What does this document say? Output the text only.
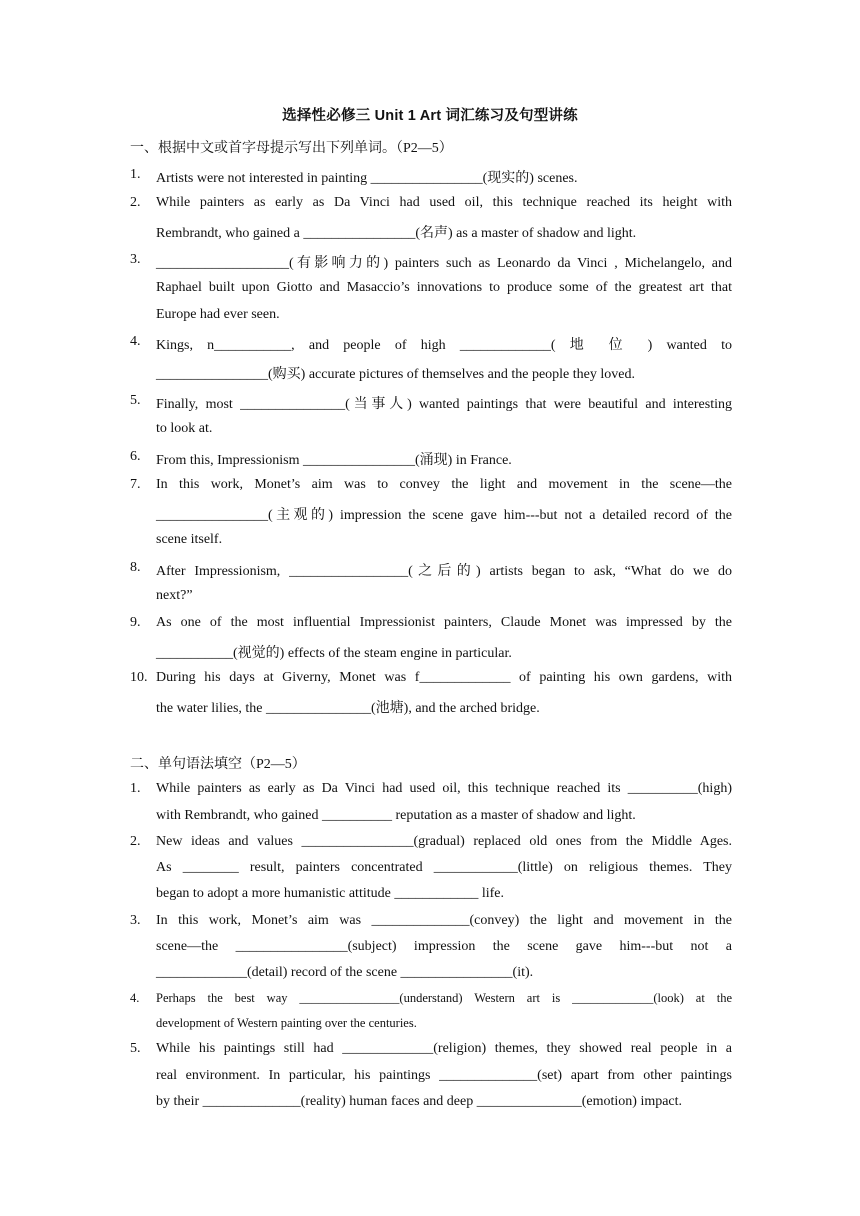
选择性必修三 Unit 1 Art 词汇练习及句型讲练
一、根据中文或首字母提示写出下列单词。（P2—5）
1. Artists were not interested in painting ________________(现实的) scenes.
2. While painters as early as Da Vinci had used oil, this technique reached its height with
Rembrandt, who gained a ________________(名声) as a master of shadow and light.
3. ___________________(有影响力的) painters such as Leonardo da Vinci , Michelangelo, and
Raphael built upon Giotto and Masaccio’s innovations to produce some of the greatest art that
Europe had ever seen.
4. Kings, n___________, and people of high _____________( 地 位 ) wanted to
________________(购买) accurate pictures of themselves and the people they loved.
5. Finally, most _______________(当事人) wanted paintings that were beautiful and interesting
to look at.
6. From this, Impressionism ________________(涌现) in France.
7. In this work, Monet’s aim was to convey the light and movement in the scene—the
________________(主观的) impression the scene gave him---but not a detailed record of the
scene itself.
8. After Impressionism, _________________(之后的) artists began to ask, “What do we do
next?”
9. As one of the most influential Impressionist painters, Claude Monet was impressed by the
___________(视觉的) effects of the steam engine in particular.
10. During his days at Giverny, Monet was f_____________ of painting his own gardens, with
the water lilies, the _______________(池塘), and the arched bridge.
二、单句语法填空（P2—5）
1. While painters as early as Da Vinci had used oil, this technique reached its __________(high)
with Rembrandt, who gained __________ reputation as a master of shadow and light.
2. New ideas and values ________________(gradual) replaced old ones from the Middle Ages.
As ________ result, painters concentrated ____________(little) on religious themes. They
began to adopt a more humanistic attitude ____________ life.
3. In this work, Monet’s aim was ______________(convey) the light and movement in the
scene—the ________________(subject) impression the scene gave him---but not a
_____________(detail) record of the scene ________________(it).
4. Perhaps the best way ________________(understand) Western art is _____________(look) at the
development of Western painting over the centuries.
5. While his paintings still had _____________(religion) themes, they showed real people in a
real environment. In particular, his paintings ______________(set) apart from other paintings
by their ______________(reality) human faces and deep _______________(emotion) impact.
